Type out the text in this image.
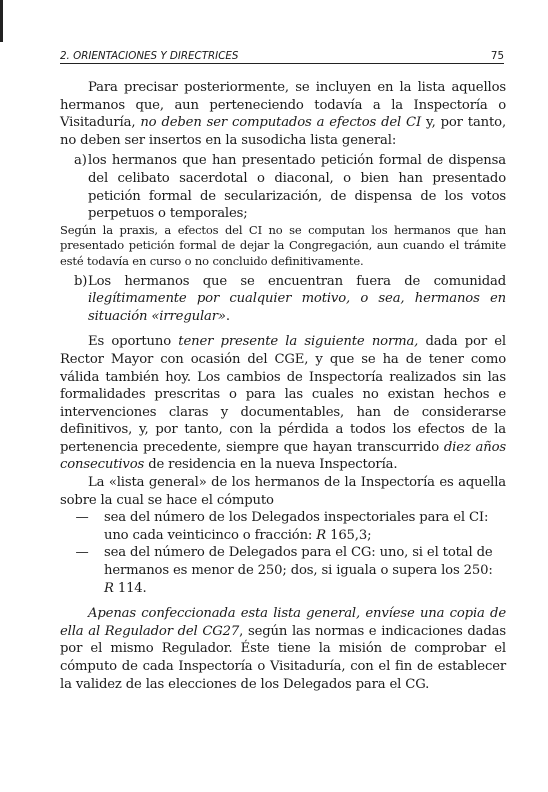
2. ORIENTACIONES Y DIRECTRICES	75

Para precisar posteriormente, se incluyen en la lista aquellos hermanos que, aun perteneciendo todavía a la Inspectoría o Visitaduría, no deben ser computados a efectos del CI y, por tanto, no deben ser insertos en la susodicha lista general:

a) los hermanos que han presentado petición formal de dispensa del celibato sacerdotal o diaconal, o bien han presentado petición formal de secularización, de dispensa de los votos perpetuos o temporales;

Según la praxis, a efectos del CI no se computan los hermanos que han presentado petición formal de dejar la Congregación, aun cuando el trámite esté todavía en curso o no concluido definitivamente.

b) Los hermanos que se encuentran fuera de comunidad ilegítimamente por cualquier motivo, o sea, hermanos en situación «irregular».

Es oportuno tener presente la siguiente norma, dada por el Rector Mayor con ocasión del CGE, y que se ha de tener como válida también hoy. Los cambios de Inspectoría realizados sin las formalidades prescritas o para las cuales no existan hechos e intervenciones claras y documentables, han de considerarse definitivos, y, por tanto, con la pérdida a todos los efectos de la pertenencia precedente, siempre que hayan transcurrido diez años consecutivos de residencia en la nueva Inspectoría.

La «lista general» de los hermanos de la Inspectoría es aquella sobre la cual se hace el cómputo

—	sea del número de los Delegados inspectoriales para el CI: uno cada veinticinco o fracción: R 165,3;
—	sea del número de Delegados para el CG: uno, si el total de hermanos es menor de 250; dos, si iguala o supera los 250: R 114.

Apenas confeccionada esta lista general, envíese una copia de ella al Regulador del CG27, según las normas e indicaciones dadas por el mismo Regulador. Éste tiene la misión de comprobar el cómputo de cada Inspectoría o Visitaduría, con el fin de establecer la validez de las elecciones de los Delegados para el CG.
